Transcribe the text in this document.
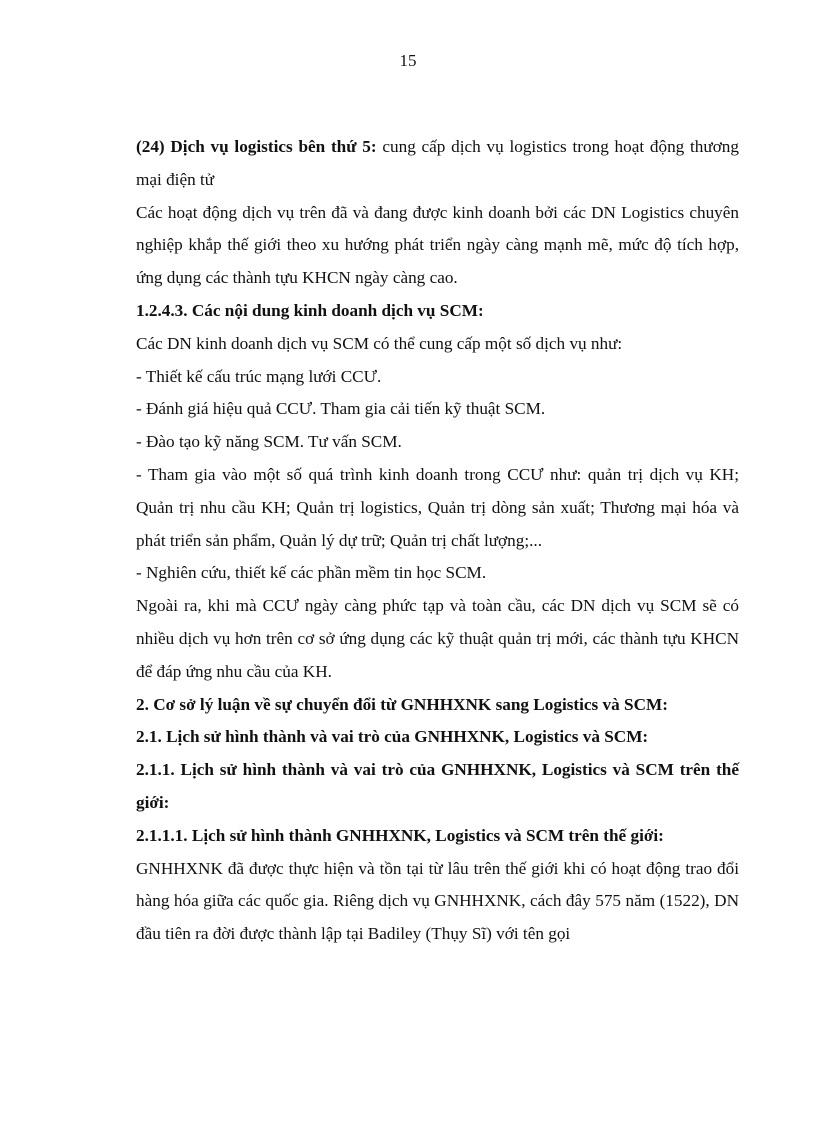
15

(24) Dịch vụ logistics bên thứ 5: cung cấp dịch vụ logistics trong hoạt động thương mại điện tử

Các hoạt động dịch vụ trên đã và đang được kinh doanh bởi các DN Logistics chuyên nghiệp khắp thế giới theo xu hướng phát triển ngày càng mạnh mẽ, mức độ tích hợp, ứng dụng các thành tựu KHCN ngày càng cao.

1.2.4.3. Các nội dung kinh doanh dịch vụ SCM:

Các DN kinh doanh dịch vụ SCM có thể cung cấp một số dịch vụ như:

- Thiết kế cấu trúc mạng lưới CCƯ.

- Đánh giá hiệu quả CCƯ. Tham gia cải tiến kỹ thuật SCM.

- Đào tạo kỹ năng SCM. Tư vấn SCM.

- Tham gia vào một số quá trình kinh doanh trong CCƯ như: quản trị dịch vụ KH; Quản trị nhu cầu KH; Quản trị logistics, Quản trị dòng sản xuất; Thương mại hóa và phát triển sản phẩm, Quản lý dự trữ; Quản trị chất lượng;...

- Nghiên cứu, thiết kế các phần mềm tin học SCM.

Ngoài ra, khi mà CCƯ ngày càng phức tạp và toàn cầu, các DN dịch vụ SCM sẽ có nhiều dịch vụ hơn trên cơ sở ứng dụng các kỹ thuật quản trị mới, các thành tựu KHCN để đáp ứng nhu cầu của KH.

2. Cơ sở lý luận về sự chuyển đổi từ GNHHXNK sang Logistics và SCM:

2.1. Lịch sử hình thành và vai trò của GNHHXNK, Logistics và SCM:

2.1.1. Lịch sử hình thành và vai trò của GNHHXNK, Logistics và SCM trên thế giới:

2.1.1.1. Lịch sử hình thành GNHHXNK, Logistics và SCM trên thế giới:

GNHHXNK đã được thực hiện và tồn tại từ lâu trên thế giới khi có hoạt động trao đổi hàng hóa giữa các quốc gia. Riêng dịch vụ GNHHXNK, cách đây 575 năm (1522), DN đầu tiên ra đời được thành lập tại Badiley (Thụy Sĩ) với tên gọi
